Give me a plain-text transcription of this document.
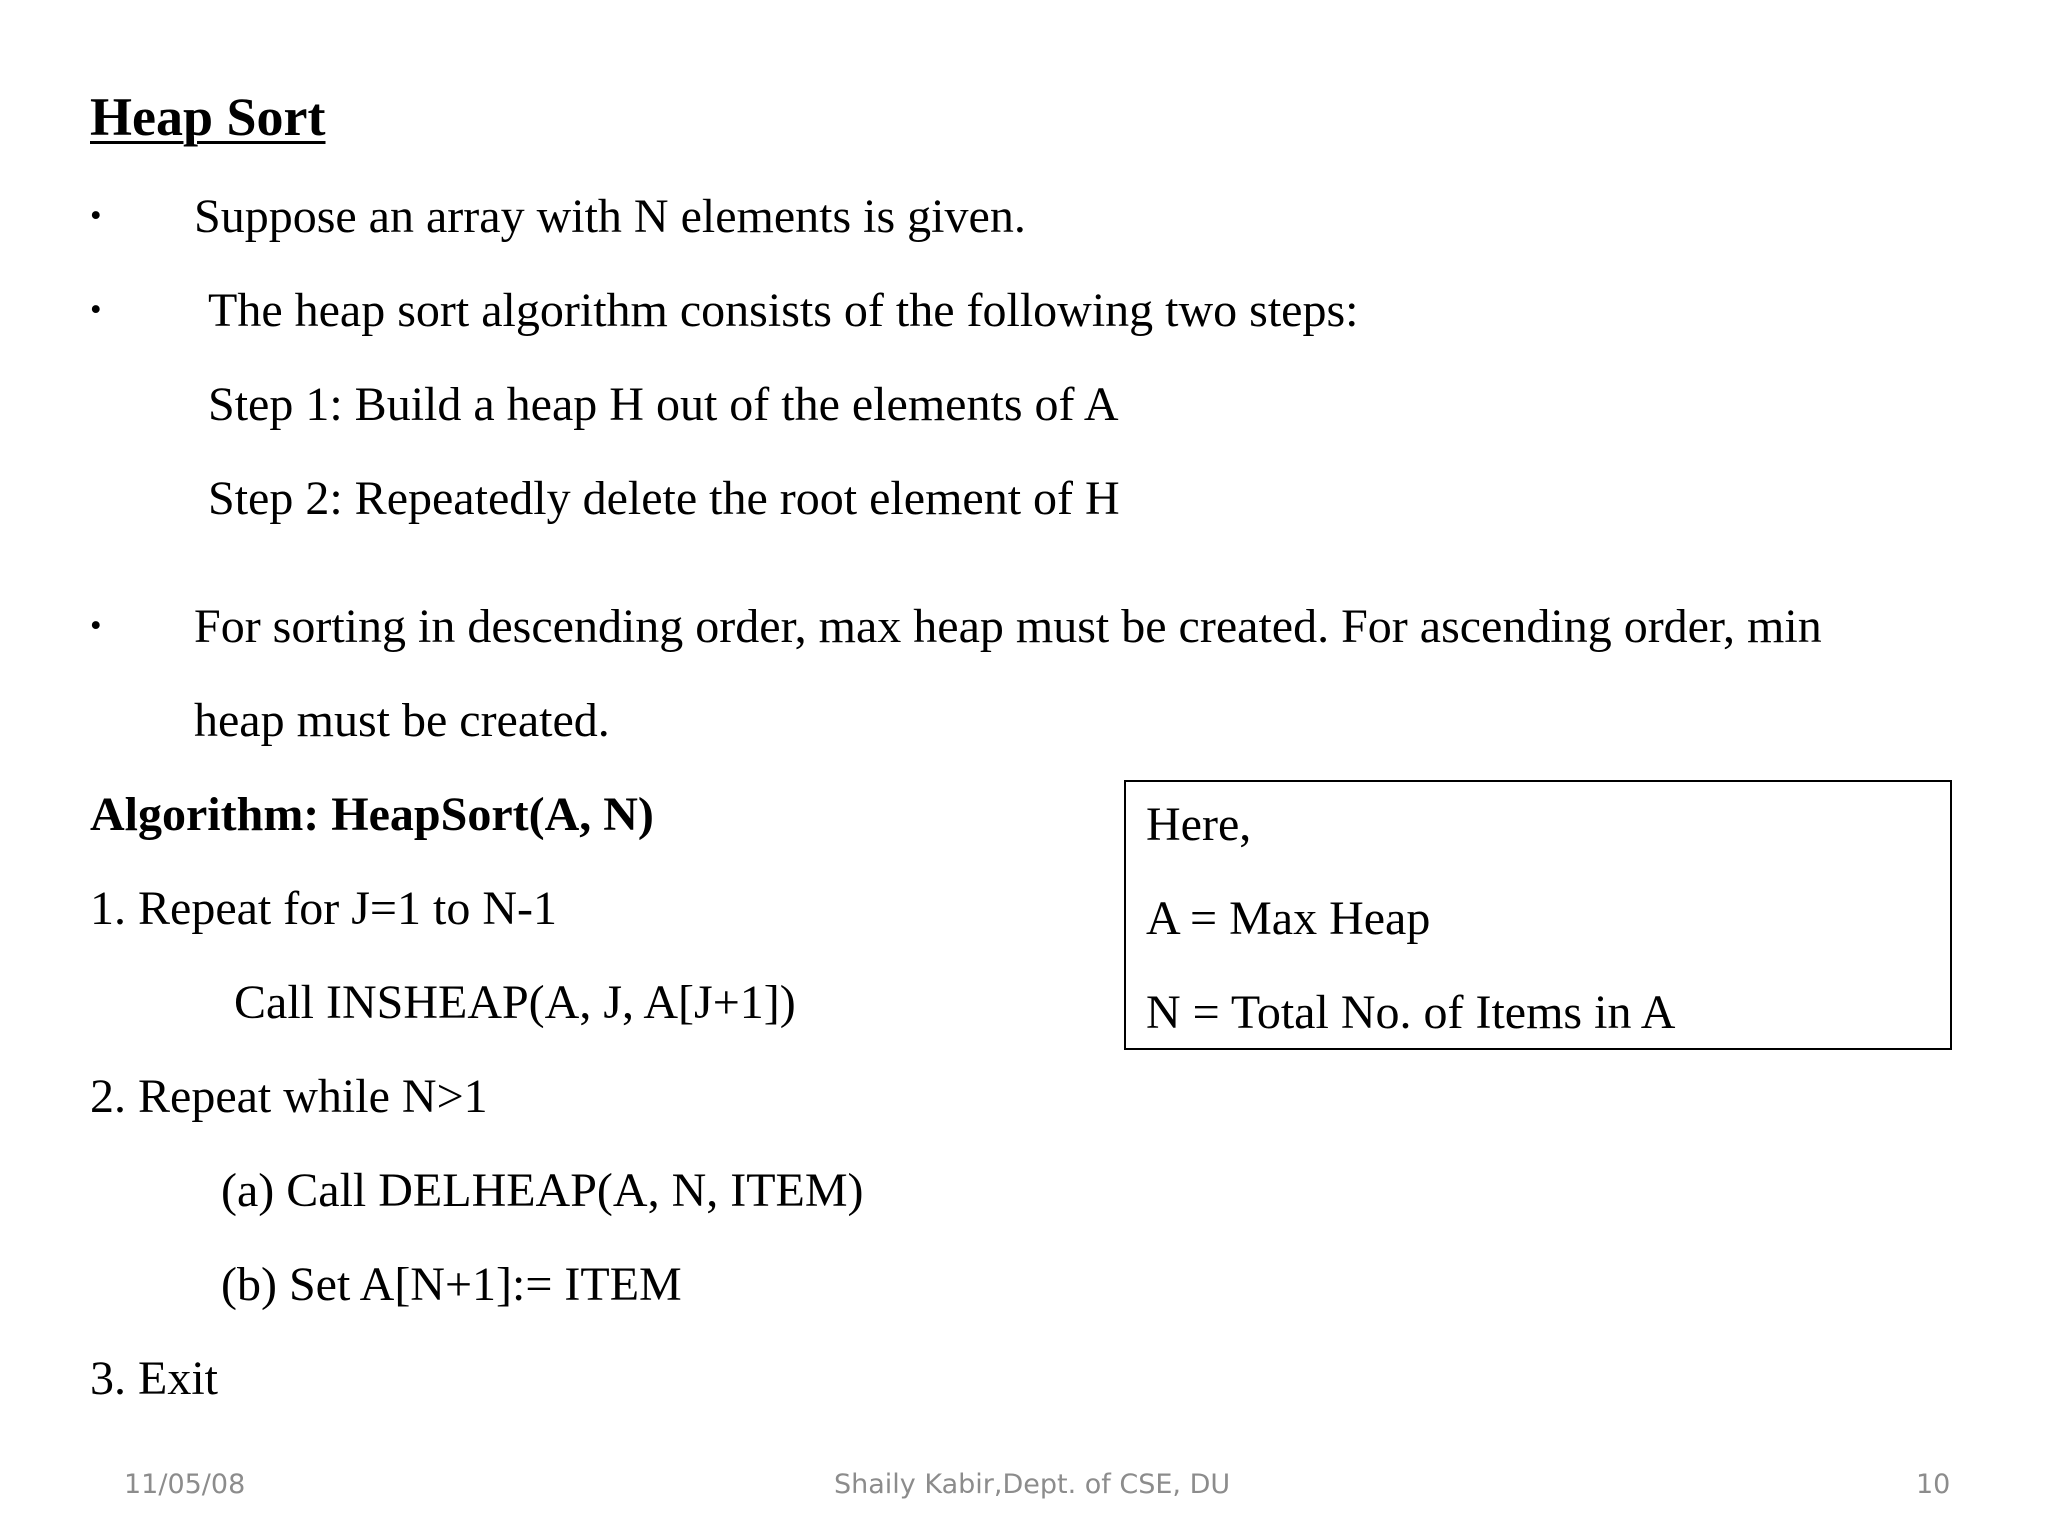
Heap Sort
• Suppose an array with N elements is given.
• The heap sort algorithm consists of the following two steps:
Step 1: Build a heap H out of the elements of A
Step 2: Repeatedly delete the root element of H
• For sorting in descending order, max heap must be created. For ascending order, min
heap must be created.
Algorithm: HeapSort(A, N)
1. Repeat for J=1 to N-1
Call INSHEAP(A, J, A[J+1])
2. Repeat while N>1
(a) Call DELHEAP(A, N, ITEM)
(b) Set A[N+1]:= ITEM
3. Exit
Here,
A = Max Heap
N = Total No. of Items in A
11/05/08	Shaily Kabir,Dept. of CSE, DU	10
